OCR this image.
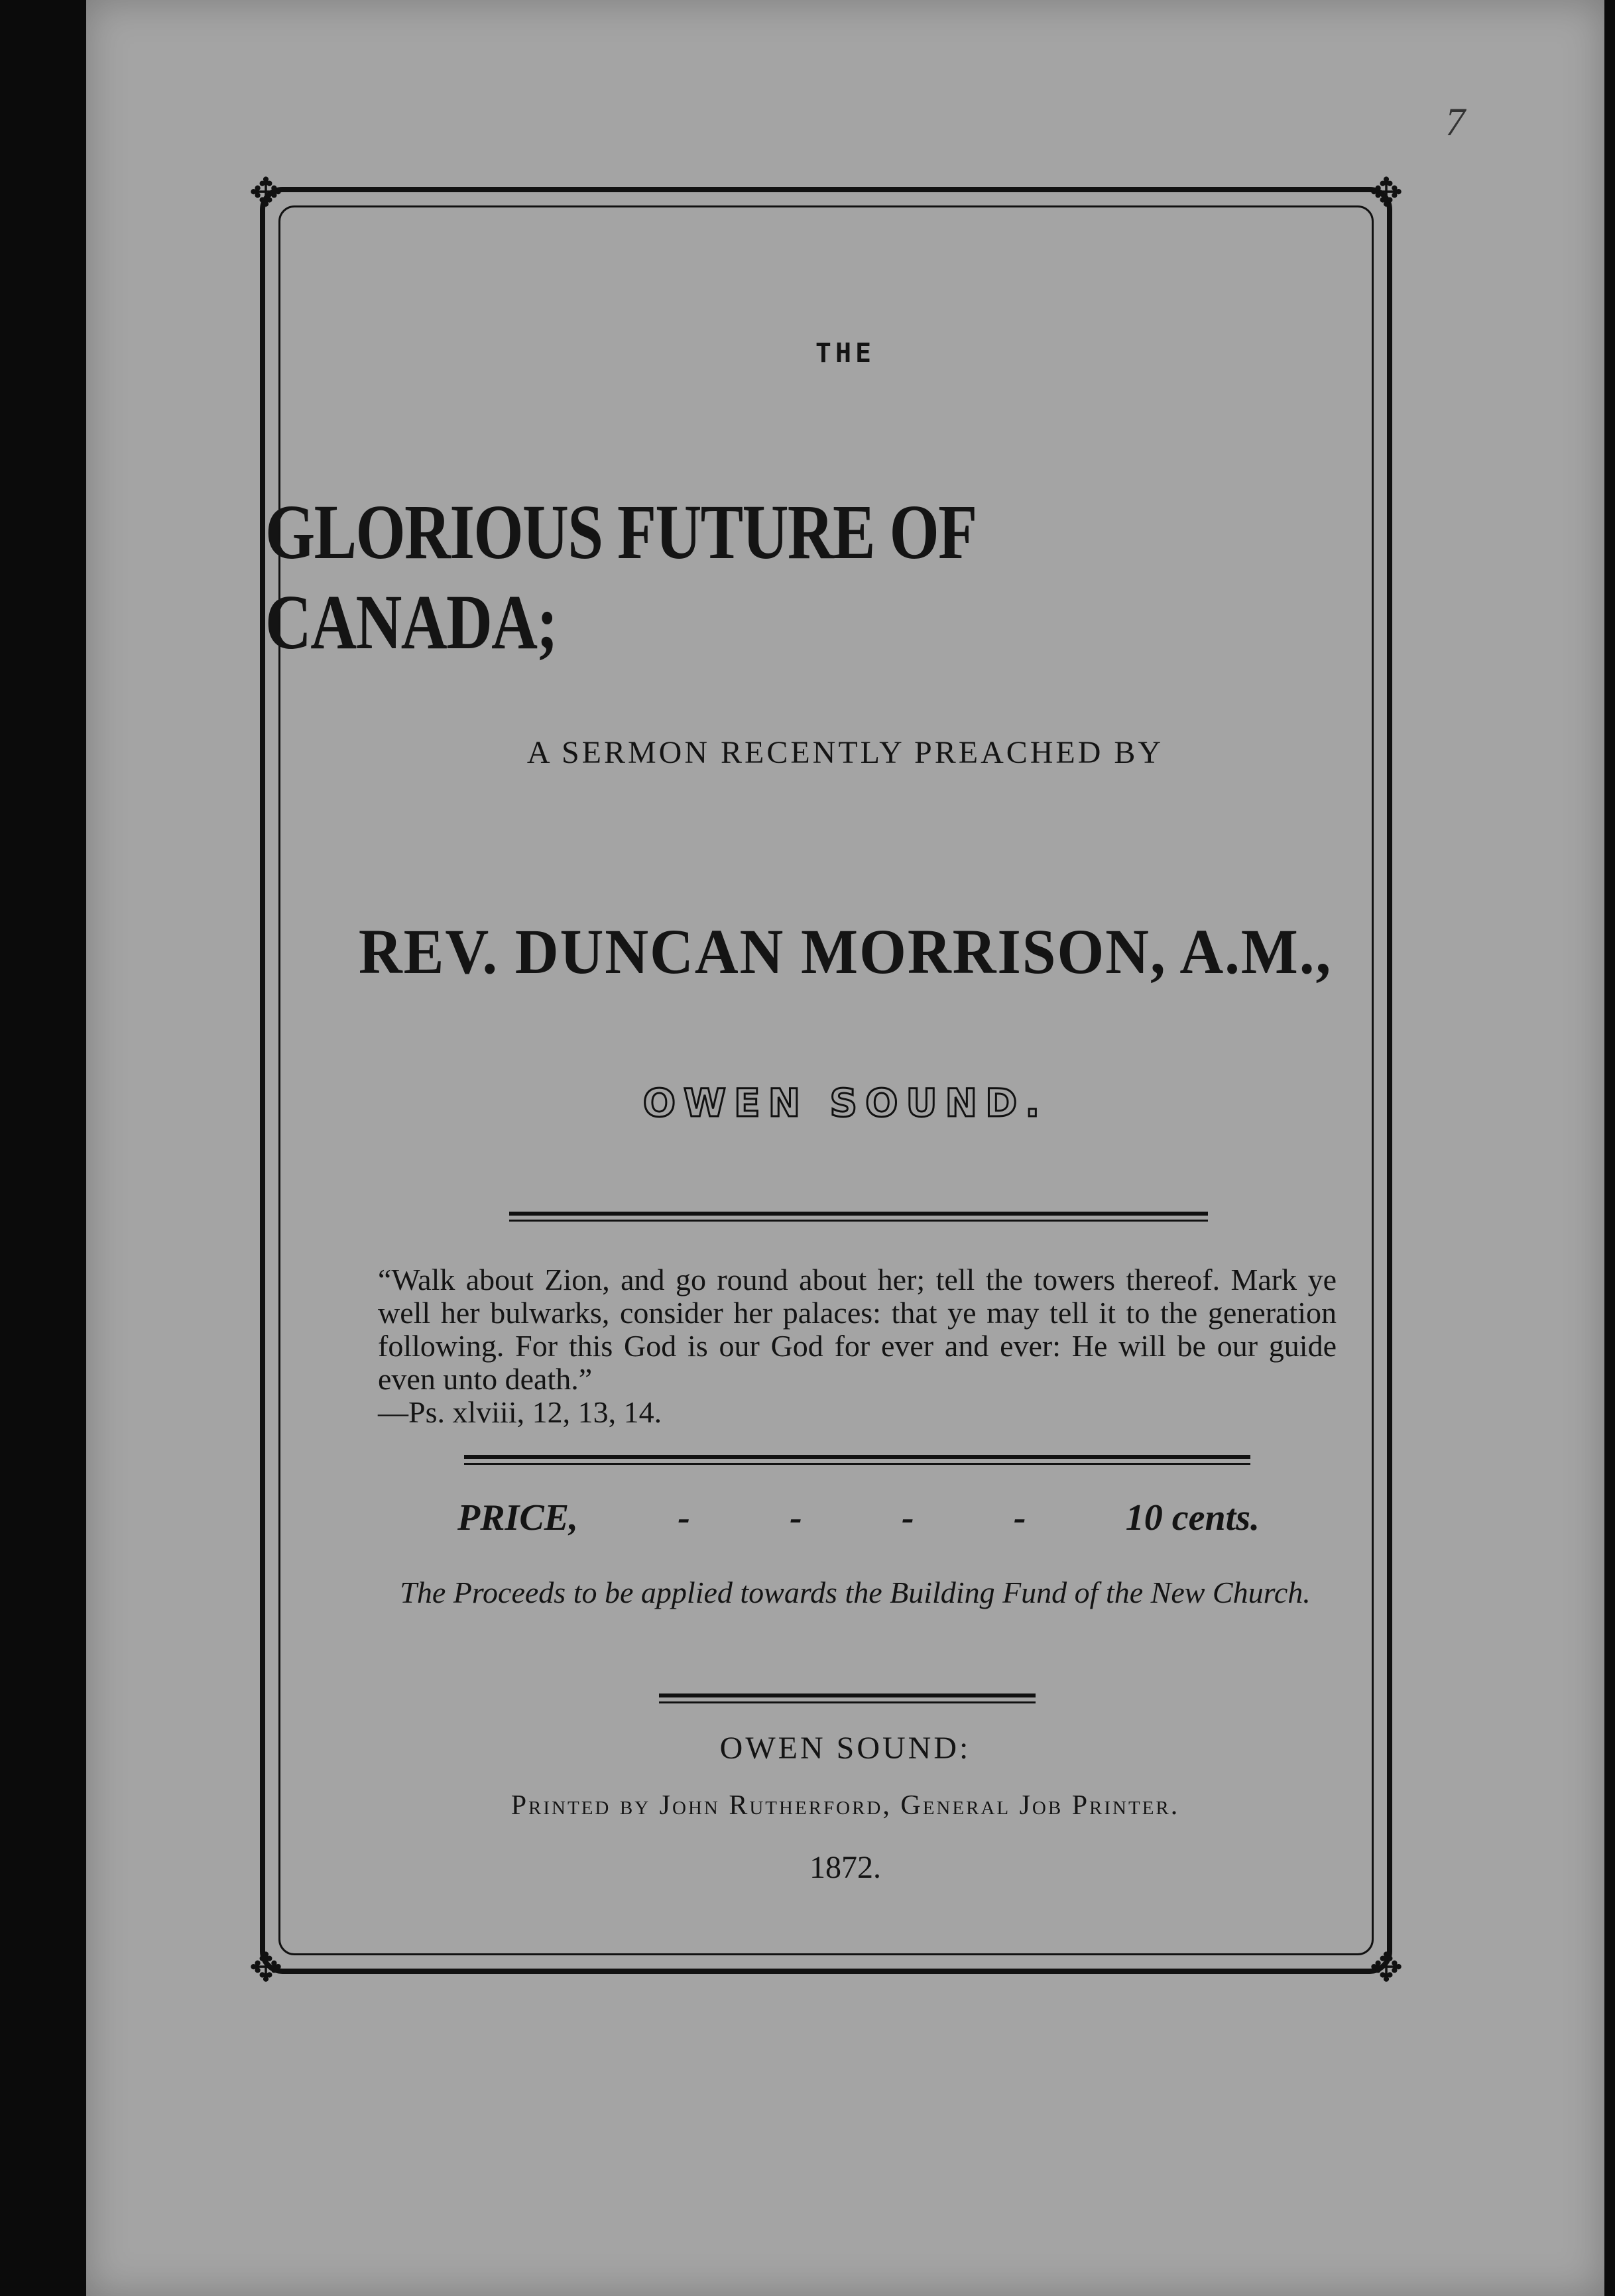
7
✥	✥
✥	✥
THE
GLORIOUS FUTURE OF CANADA;
A SERMON RECENTLY PREACHED BY
REV. DUNCAN MORRISON, A.M.,
OWEN SOUND.

“Walk about Zion, and go round about her; tell the towers thereof. Mark ye well her bulwarks, consider her palaces: that ye may tell it to the generation following. For this God is our God for ever and ever: He will be our guide even unto death.”

—Ps. xlviii, 12, 13, 14.

PRICE,	-	-	-	-	10 cents.
The Proceeds to be applied towards the Building Fund of the New Church.
OWEN SOUND:
Printed by John Rutherford, General Job Printer.
1872.
